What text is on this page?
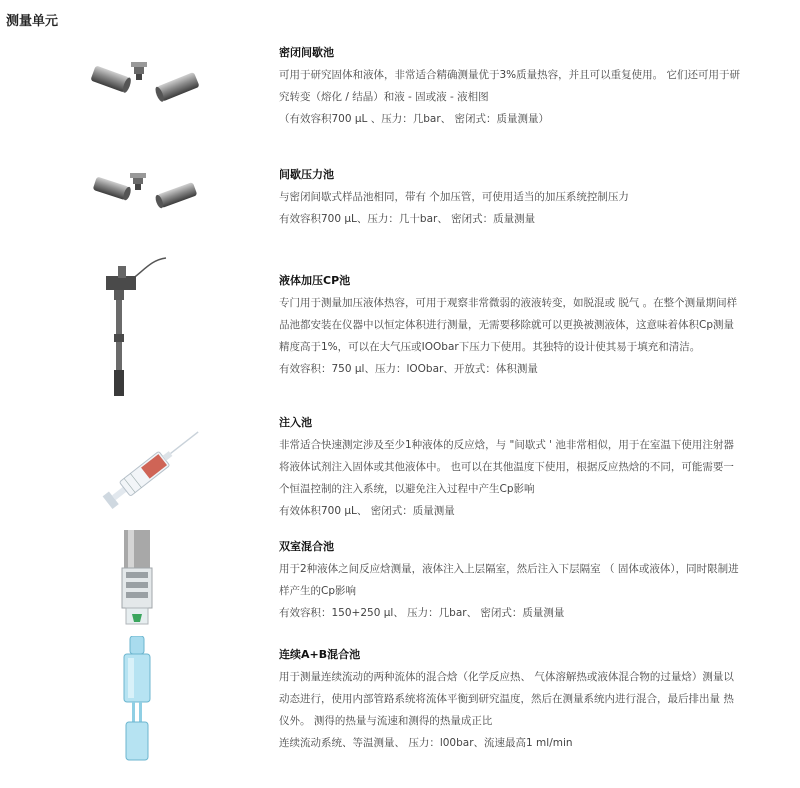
测量单元
密闭间歇池

可用于研究固体和液体，非常适合精确测量优于3%质量热容，并且可以重复使用。 它们还可用于研

究转变（熔化 / 结晶）和液 - 固或液 - 液相图

（有效容积700 µL 、压力：几bar、 密闭式：质量测量）

间歇压力池

与密闭间歇式样品池相同，带有 个加压管，可使用适当的加压系统控制压力

有效容积700 µL、压力：几十bar、 密闭式：质量测量

液体加压CP池

专门用于测量加压液体热容，可用于观察非常微弱的液液转变，如脱混或 脱气 。在整个测量期间样

品池都安装在仪器中以恒定体积进行测量，无需要移除就可以更换被测液体，这意味着体积Cp测量

精度高于1%，可以在大气压或IOObar下压力下使用。其独特的设计使其易于填充和清洁。

有效容积：750 µl、压力：lOObar、开放式：体积测量

注入池

非常适合快速测定涉及至少1种液体的反应焓，与 "间歇式 ' 池非常相似，用于在室温下使用注射器

将液体试剂注入固体或其他液体中。 也可以在其他温度下使用，根据反应热焓的不同，可能需要一

个恒温控制的注入系统，以避免注入过程中产生Cp影响

有效体积700 µL、 密闭式：质量测量

双室混合池

用于2种液体之间反应焓测量，液体注入上层隔室，然后注入下层隔室 （ 固体或液体），同时限制进

样产生的Cp影响

有效容积：150+250 µl、 压力：几bar、 密闭式：质量测量

连续A+B混合池

用于测量连续流动的两种流体的混合焓（化学反应热、 气体溶解热或液体混合物的过量焓）测量以

动态进行，使用内部管路系统将流体平衡到研究温度，然后在测量系统内进行混合，最后排出量 热

仪外。 测得的热量与流速和测得的热量成正比

连续流动系统、等温测量、 压力：l00bar、流速最高1 ml/min
